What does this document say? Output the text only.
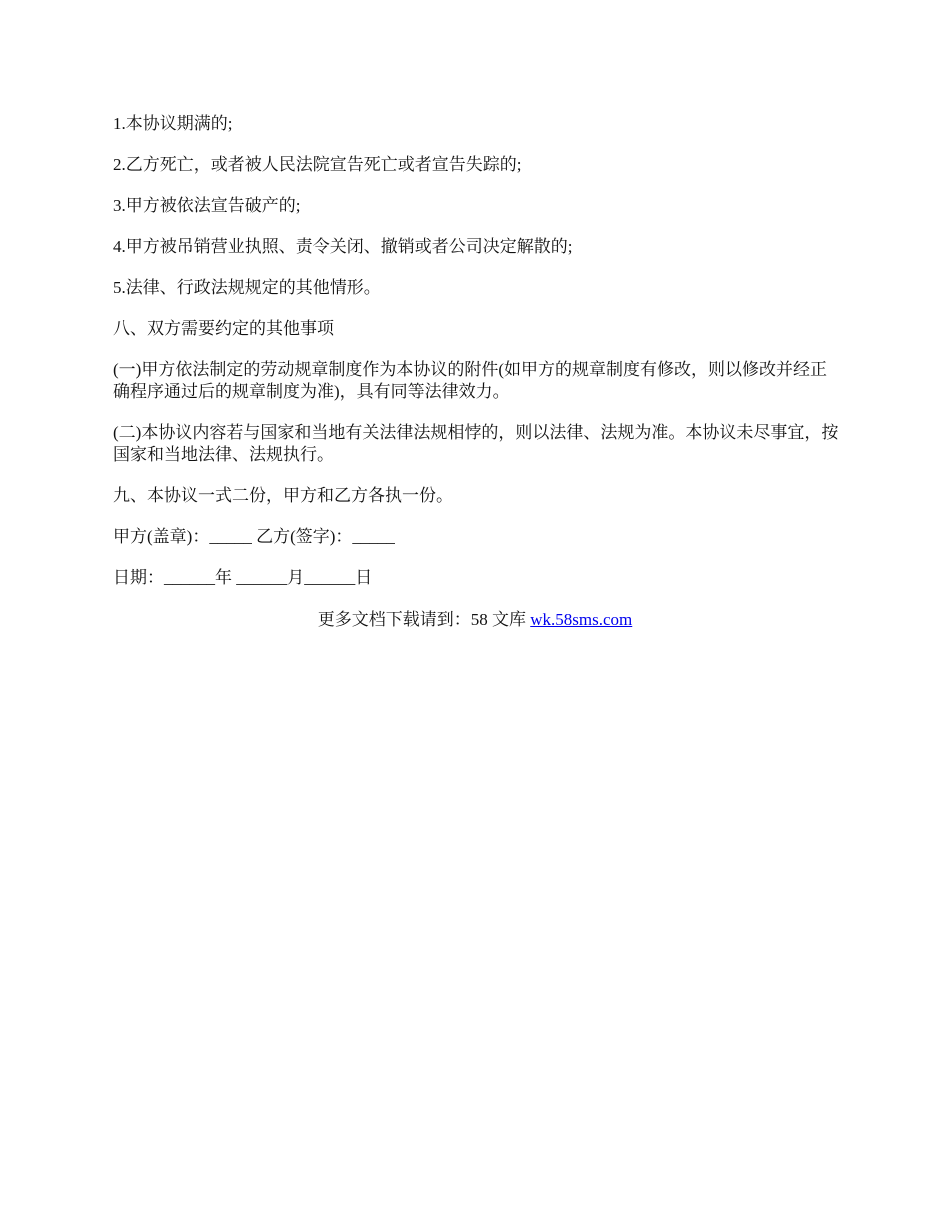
1.本协议期满的;

2.乙方死亡，或者被人民法院宣告死亡或者宣告失踪的;

3.甲方被依法宣告破产的;

4.甲方被吊销营业执照、责令关闭、撤销或者公司决定解散的;

5.法律、行政法规规定的其他情形。

八、双方需要约定的其他事项

(一)甲方依法制定的劳动规章制度作为本协议的附件(如甲方的规章制度有修改，则以修改并经正确程序通过后的规章制度为准)，具有同等法律效力。

(二)本协议内容若与国家和当地有关法律法规相悖的，则以法律、法规为准。本协议未尽事宜，按国家和当地法律、法规执行。

九、本协议一式二份，甲方和乙方各执一份。

甲方(盖章)：_____ 乙方(签字)：_____

日期：______年 ______月______日

更多文档下载请到：58 文库 wk.58sms.com
